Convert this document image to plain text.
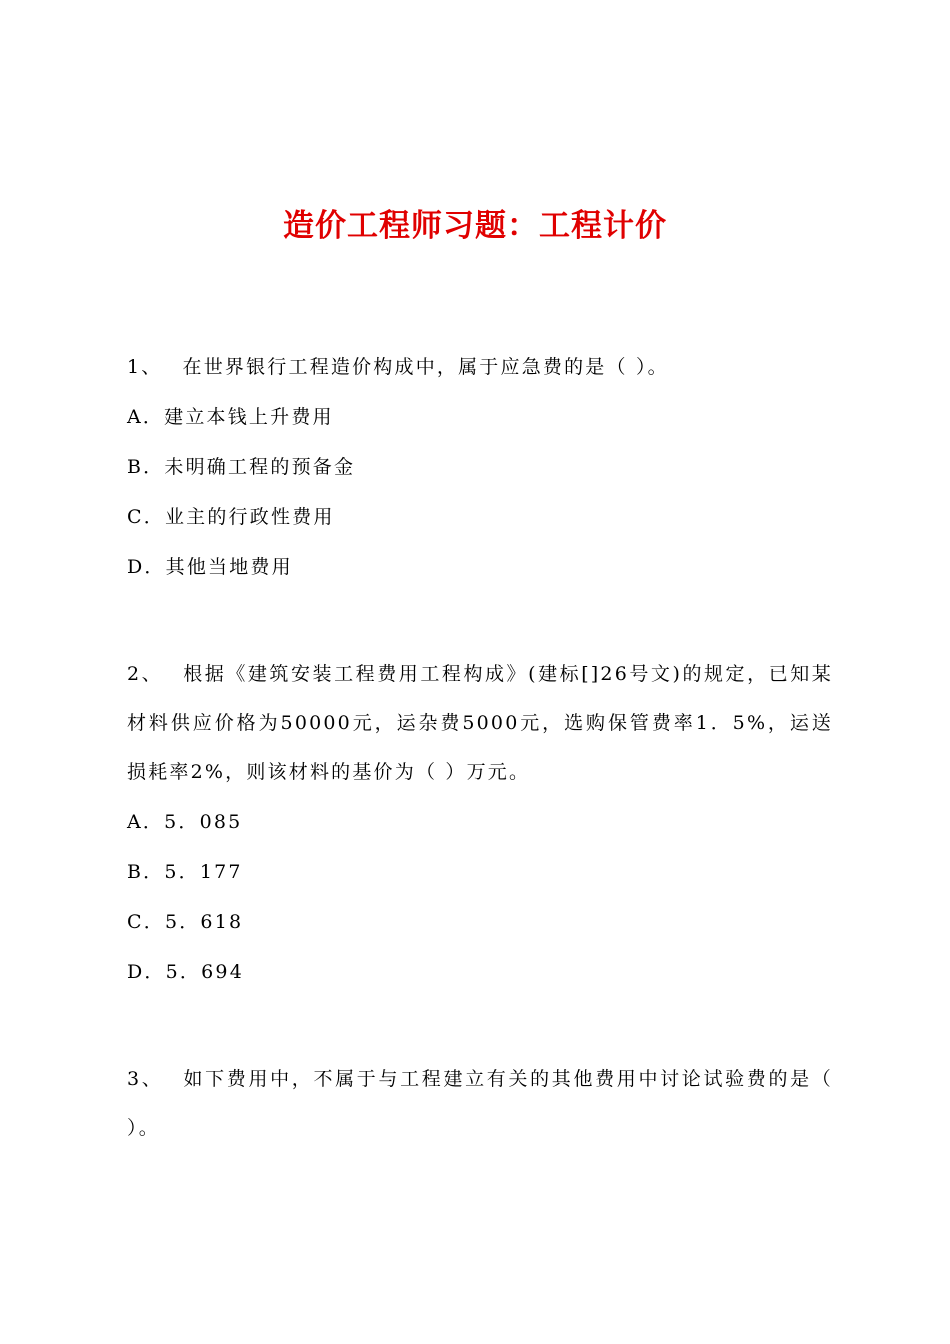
造价工程师习题：工程计价
1、 在世界银行工程造价构成中，属于应急费的是（ ）。

A．建立本钱上升费用

B．未明确工程的预备金

C．业主的行政性费用

D．其他当地费用

2、 根据《建筑安装工程费用工程构成》(建标[]26号文)的规定，已知某材料供应价格为50000元，运杂费5000元，选购保管费率1．5%，运送损耗率2%，则该材料的基价为（ ）万元。

A．5．085

B．5．177

C．5．618

D．5．694

3、 如下费用中，不属于与工程建立有关的其他费用中讨论试验费的是（ ）。
